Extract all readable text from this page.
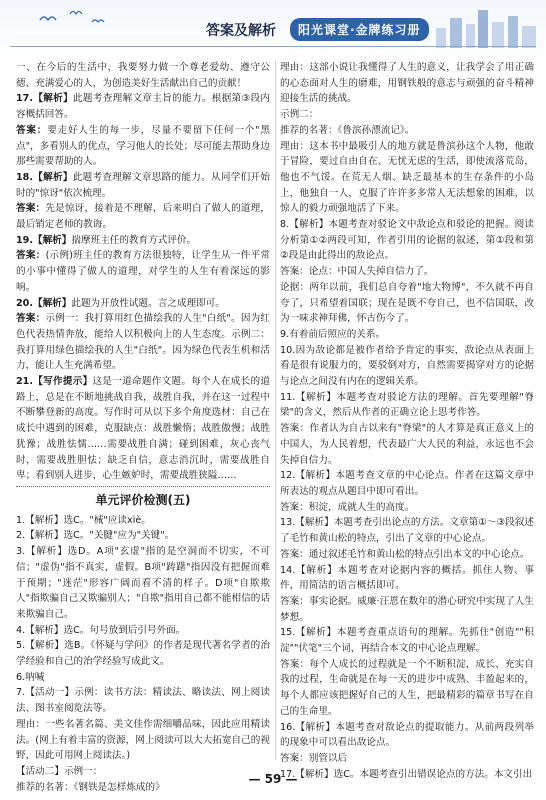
答案及解析	阳光课堂·金牌练习册

一、在今后的生活中，我要努力做一个尊老爱幼、遵守公德、充满爱心的人，为创造美好生活献出自己的贡献！

17.【解析】此题考查理解文章主旨的能力。根据第③段内容概括回答。

答案：要走好人生的每一步，尽量不要留下任何一个"黑点"，多看别人的优点，学习他人的长处；尽可能去帮助身边那些需要帮助的人。

18.【解析】此题考查理解文章思路的能力。从同学们开始时的"惊讶"依次梳理。

答案：先是惊讶，接着是不理解，后来明白了做人的道理，最后销定老师的教诲。

19.【解析】揣摩班主任的教育方式评价。

答案：(示例)班主任的教育方法很独特，让学生从一件平常的小事中懂得了做人的道理，对学生的人生有着深远的影响。

20.【解析】此题为开放性试题。言之成理即可。

答案：示例一：我打算用红色描绘我的人生"白纸"。因为红色代表热情奔放，能给人以积极向上的人生态度。示例二：我打算用绿色描绘我的人生"白纸"。因为绿色代表生机和活力，能让人生充满希望。

21.【写作提示】这是一道命题作文题。每个人在成长的道路上，总是在不断地挑战自我，战胜自我，并在这一过程中不断攀登新的高度。写作时可从以下多个角度选材：自己在成长中遇到的困难，克服缺点：战胜懒惰；战胜傲慢；战胜犹豫；战胜怯懦……需要战胜自满；碰到困难，灰心丧气时，需要战胜胆怯；缺乏自信，意志消沉时，需要战胜自卑；看到别人进步，心生嫉妒时，需要战胜狭隘……

单元评价检测(五)

1.【解析】选C。"械"应读xiè。

2.【解析】选C。"关腱"应为"关键"。

3.【解析】选D。A项"玄虚"指的是空洞而不切实，不可信；"虚伪"指不真实，虚假。B项"踌躇"指因没有把握而难于预期；"迷茫"形容广阔而看不清的样子。D项"自欺欺人"指欺骗自己又欺骗别人；"自欺"指用自己都不能相信的话来欺骗自己。

4.【解析】选C。句号放到后引号外面。

5.【解析】选B。《怀疑与学问》的作者是现代著名学者的治学经验和自己的治学经验写成此文。

6.呐喊

7.【活动一】示例：读书方法：精读法、略读法、网上阅读法、图书室阅览法等。

理由：一些名著名篇、美文佳作需细嚼品味，因此应用精读法。(网上有着丰富的资源，网上阅读可以大大拓宽自己的视野，因此可用网上阅读法。)

【活动二】示例一：

推荐的名著：《钢铁是怎样炼成的》

理由：这部小说让我懂得了人生的意义，让我学会了用正确的心态面对人生的磨难，用钢铁般的意志与顽强的奋斗精神迎接生活的挑战。

示例二：

推荐的名著：《鲁滨孙漂流记》。

理由：这本书中最吸引人的地方就是鲁滨孙这个人物，他敢于冒险，要过自由自在、无忧无虑的生活，即使流落荒岛，他也不气馁。在荒无人烟、缺乏最基本的生存条件的小岛上，他独自一人，克服了许许多多常人无法想象的困难，以惊人的毅力顽强地活了下来。

8.【解析】本题考查对驳论文中敌论点和驳论的把握。阅读分析第①②两段可知，作者引用的论据的叙述，第①段和第②段是由此得出的敌论点。

答案：论点：中国人失掉自信力了。

论据：两年以前，我们总自夸着"地大物博"，不久就不再自夸了，只希望着国联；现在是既不夸自己，也不信国联，改为一味求神拜佛，怀古伤今了。

9.有着前后照应的关系。

10.因为敌论都是被作者给予肯定的事实，敌论点从表面上看是很有说服力的，要驳倒对方，自然需要揭穿对方的论据与论点之间没有内在的逻辑关系。

11.【解析】本题考查对驳论方法的理解。首先要理解"脊梁"的含义，然后从作者的正确立论上思考作答。

答案：作者认为自古以来有"脊梁"的人才算是真正意义上的中国人，为人民着想，代表最广大人民的利益，永远也不会失掉自信力。

12.【解析】本题考查文章的中心论点。作者在这篇文章中所表达的观点从题目中即可看出。

答案：积淀，成就人生的高度。

13.【解析】本题考查引出论点的方法。文章第①～③段叙述了毛竹和黄山松的特点，引出了文章的中心论点。

答案：通过叙述毛竹和黄山松的特点引出本文的中心论点。

14.【解析】本题考查对论据内容的概括。抓住人物、事件，用简洁的语言概括即可。

答案：事实论据。威廉·汪恩在数年的潜心研究中实现了人生梦想。

15.【解析】本题考查重点语句的理解。先抓住"创造""积淀""伏笔"三个词，再结合本文的中心论点理解。

答案：每个人成长的过程就是一个不断积淀，成长、充实自我的过程，生命就是在每一天的进步中成熟、丰盈起来的，每个人都应该把握好自己的人生，把最精彩的篇章书写在自己的生命里。

16.【解析】本题考查对敌论点的提取能力。从前两段列举的现象中可以看出敌论点。

答案：别管以后

17.【解析】选C。本题考查引出错误论点的方法。本文引出

— 59 —
